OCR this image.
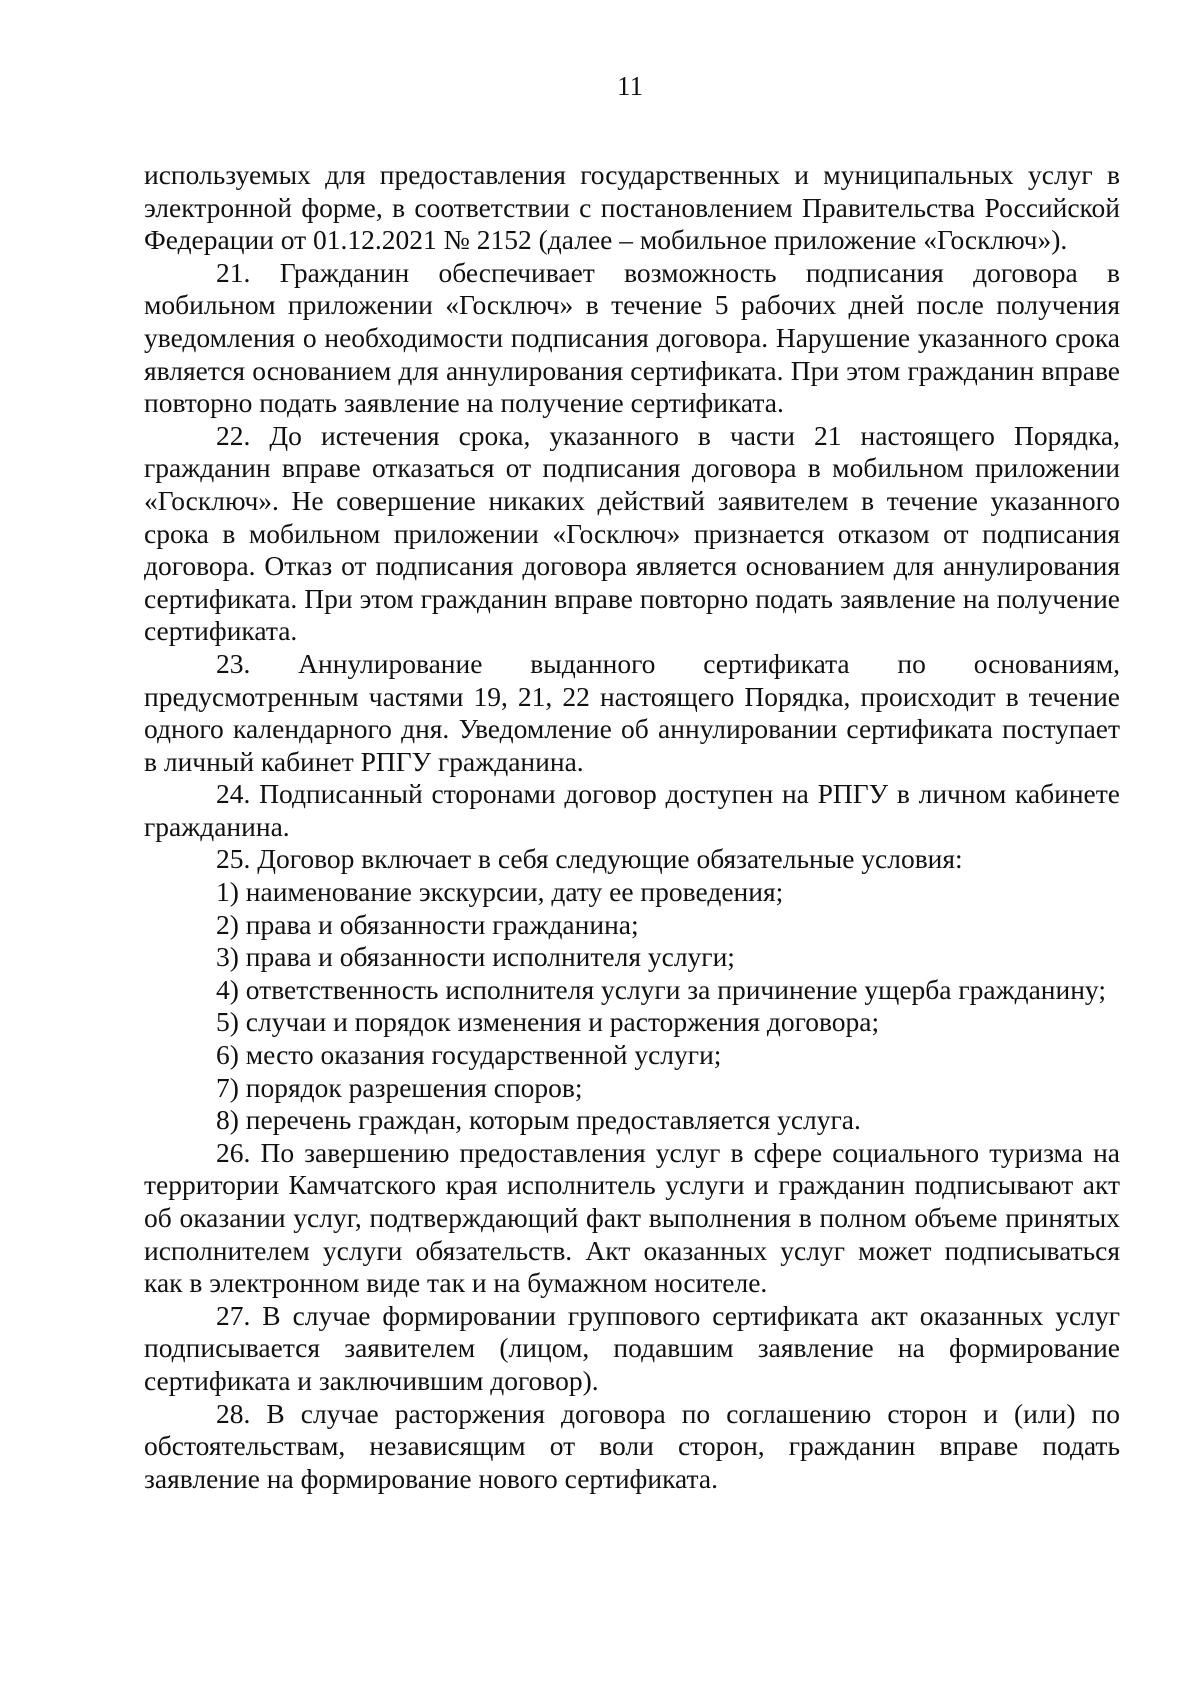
11

используемых для предоставления государственных и муниципальных услуг в электронной форме, в соответствии с постановлением Правительства Российской Федерации от 01.12.2021 № 2152 (далее – мобильное приложение «Госключ»).

21. Гражданин обеспечивает возможность подписания договора в мобильном приложении «Госключ» в течение 5 рабочих дней после получения уведомления о необходимости подписания договора. Нарушение указанного срока является основанием для аннулирования сертификата. При этом гражданин вправе повторно подать заявление на получение сертификата.

22. До истечения срока, указанного в части 21 настоящего Порядка, гражданин вправе отказаться от подписания договора в мобильном приложении «Госключ». Не совершение никаких действий заявителем в течение указанного срока в мобильном приложении «Госключ» признается отказом от подписания договора. Отказ от подписания договора является основанием для аннулирования сертификата. При этом гражданин вправе повторно подать заявление на получение сертификата.

23. Аннулирование выданного сертификата по основаниям, предусмотренным частями 19, 21, 22 настоящего Порядка, происходит в течение одного календарного дня. Уведомление об аннулировании сертификата поступает в личный кабинет РПГУ гражданина.

24. Подписанный сторонами договор доступен на РПГУ в личном кабинете гражданина.

25. Договор включает в себя следующие обязательные условия:

1) наименование экскурсии, дату ее проведения;

2) права и обязанности гражданина;

3) права и обязанности исполнителя услуги;

4) ответственность исполнителя услуги за причинение ущерба гражданину;

5) случаи и порядок изменения и расторжения договора;

6) место оказания государственной услуги;

7) порядок разрешения споров;

8) перечень граждан, которым предоставляется услуга.

26. По завершению предоставления услуг в сфере социального туризма на территории Камчатского края исполнитель услуги и гражданин подписывают акт об оказании услуг, подтверждающий факт выполнения в полном объеме принятых исполнителем услуги обязательств. Акт оказанных услуг может подписываться как в электронном виде так и на бумажном носителе.

27. В случае формировании группового сертификата акт оказанных услуг подписывается заявителем (лицом, подавшим заявление на формирование сертификата и заключившим договор).

28. В случае расторжения договора по соглашению сторон и (или) по обстоятельствам, независящим от воли сторон, гражданин вправе подать заявление на формирование нового сертификата.
